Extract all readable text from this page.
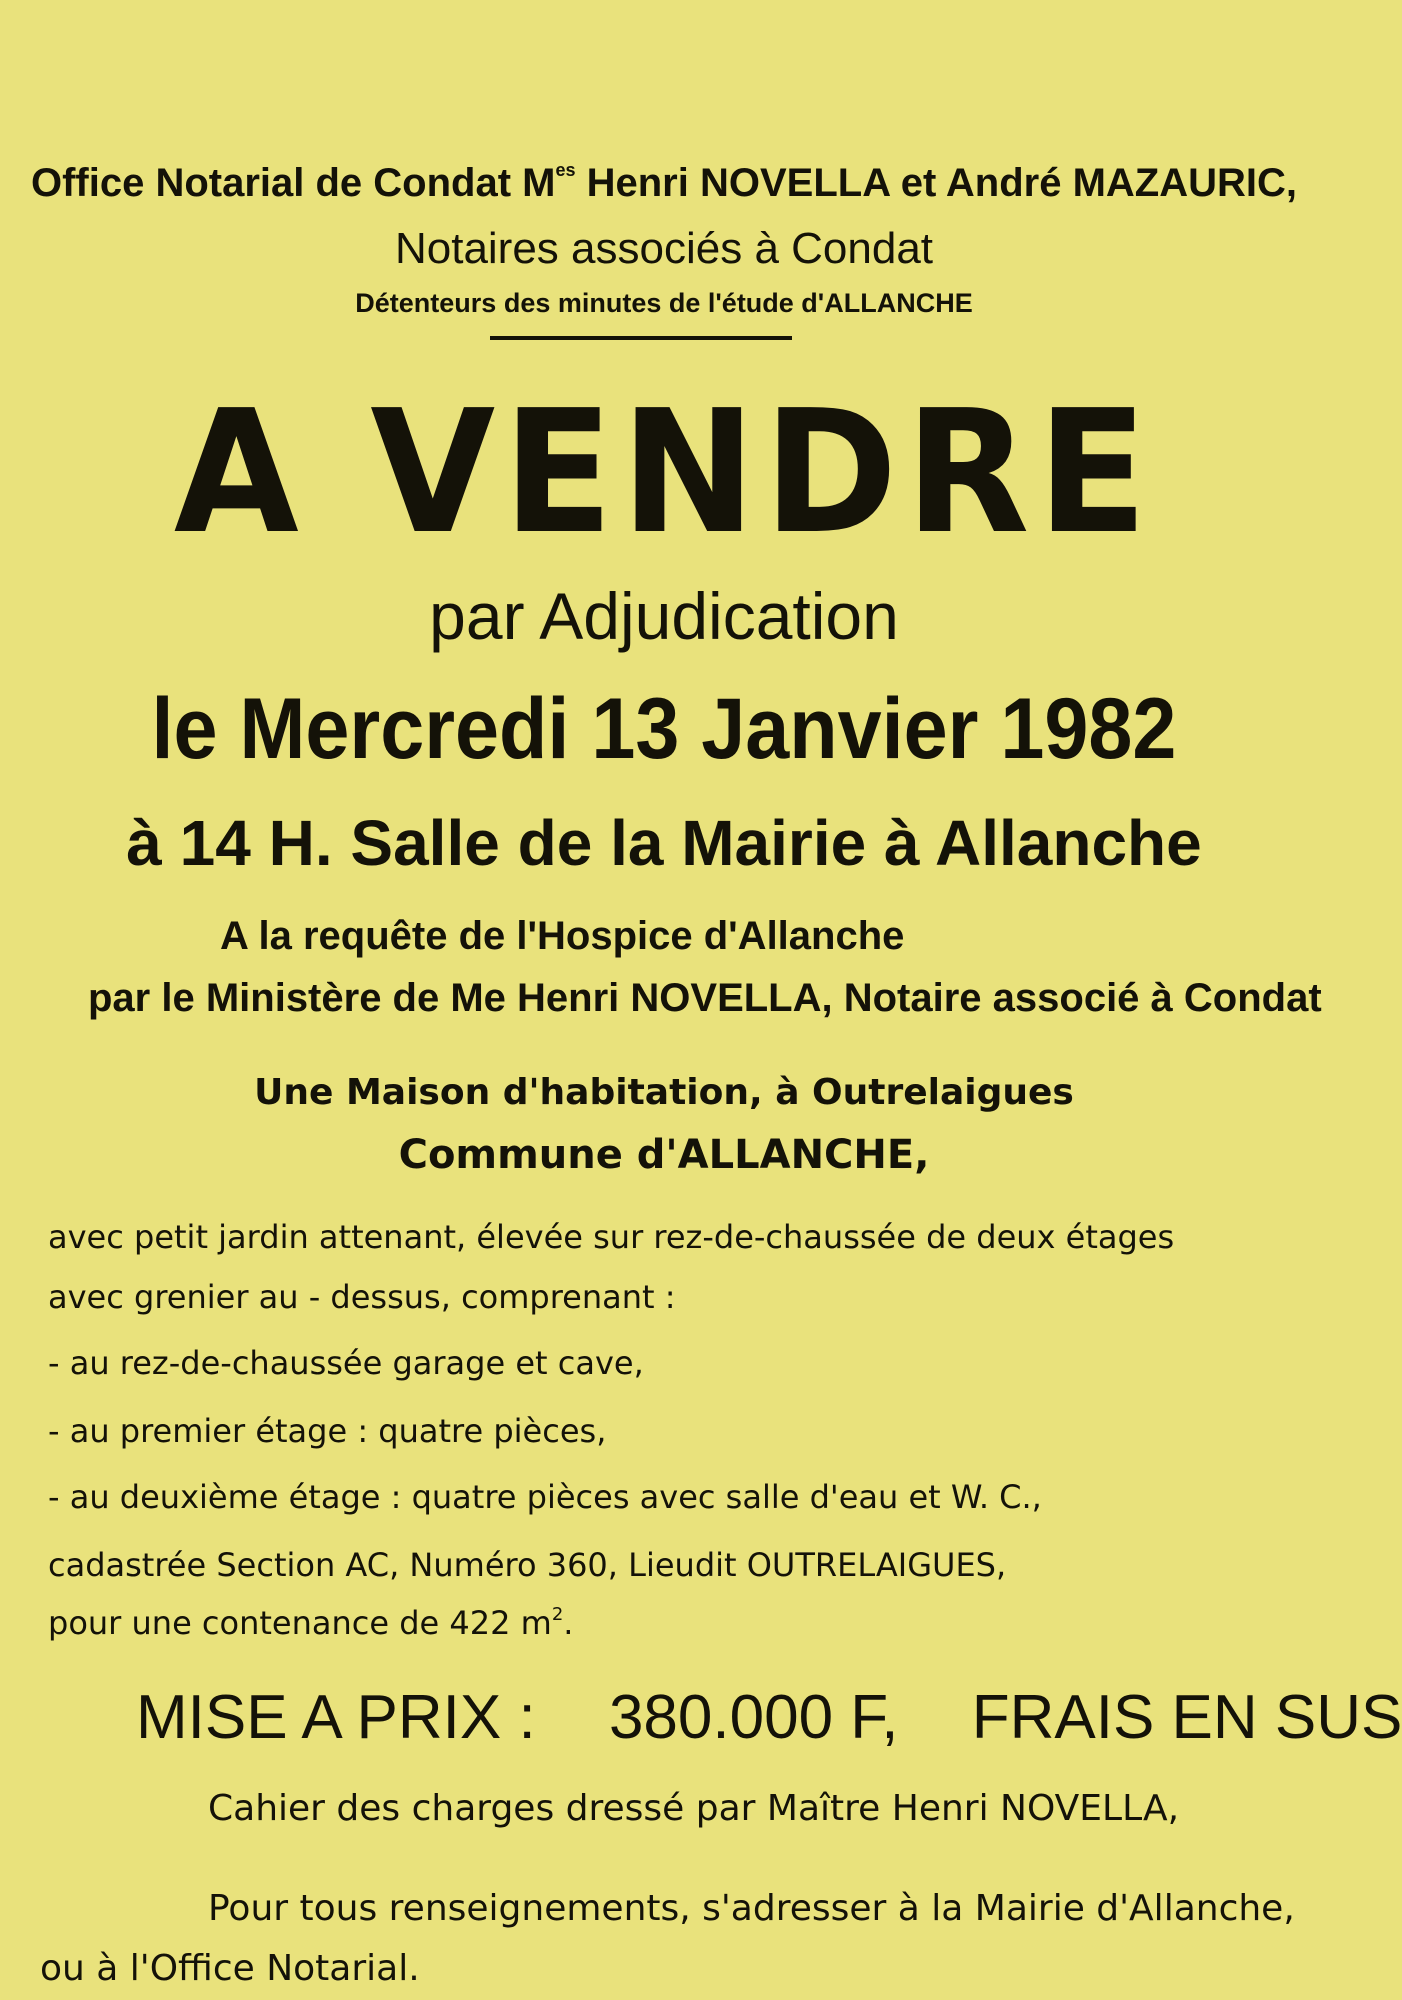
Office Notarial de Condat $M^{es}$ Henri NOVELLA et André MAZAURIC,
Notaires associés à Condat
Détenteurs des minutes de l'étude d'ALLANCHE
A VENDRE
par Adjudication
le Mercredi 13 Janvier 1982
à 14 H. Salle de la Mairie à Allanche
A la requête de l'Hospice d'Allanche
par le Ministère de Me Henri NOVELLA, Notaire associé à Condat
Une Maison d'habitation, à Outrelaigues
Commune d'ALLANCHE,
avec petit jardin attenant, élevée sur rez-de-chaussée de deux étages
avec grenier au - dessus, comprenant :
- au rez-de-chaussée garage et cave,
- au premier étage : quatre pièces,
- au deuxième étage : quatre pièces avec salle d'eau et W. C.,
cadastrée Section AC, Numéro 360, Lieudit OUTRELAIGUES,
pour une contenance de 422 $m^2$.
MISE A PRIX : 380.000 F, FRAIS EN SUS
Cahier des charges dressé par Maître Henri NOVELLA,
Pour tous renseignements, s'adresser à la Mairie d'Allanche,
ou à l'Office Notarial.
